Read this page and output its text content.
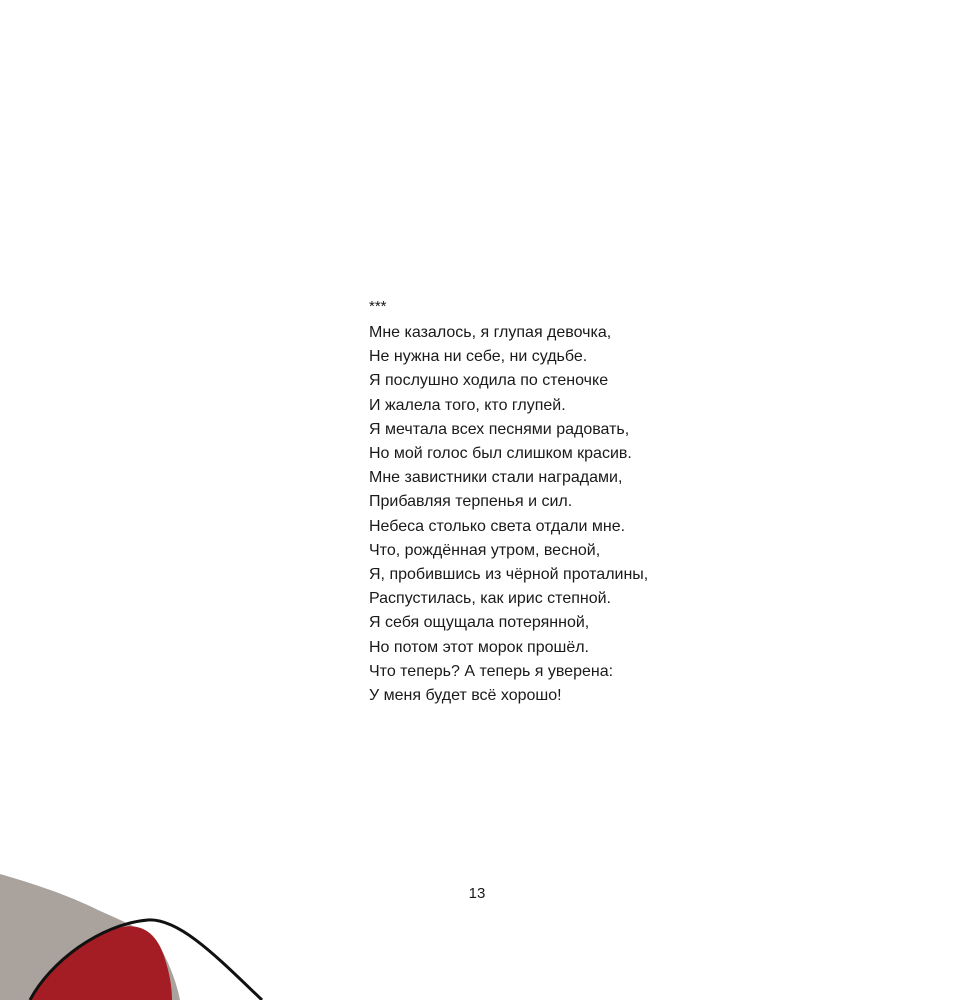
***
Мне казалось, я глупая девочка,
Не нужна ни себе, ни судьбе.
Я послушно ходила по стеночке
И жалела того, кто глупей.
Я мечтала всех песнями радовать,
Но мой голос был слишком красив.
Мне завистники стали наградами,
Прибавляя терпенья и сил.
Небеса столько света отдали мне.
Что, рождённая утром, весной,
Я, пробившись из чёрной проталины,
Распустилась, как ирис степной.
Я себя ощущала потерянной,
Но потом этот морок прошёл.
Что теперь? А теперь я уверена:
У меня будет всё хорошо!
13
